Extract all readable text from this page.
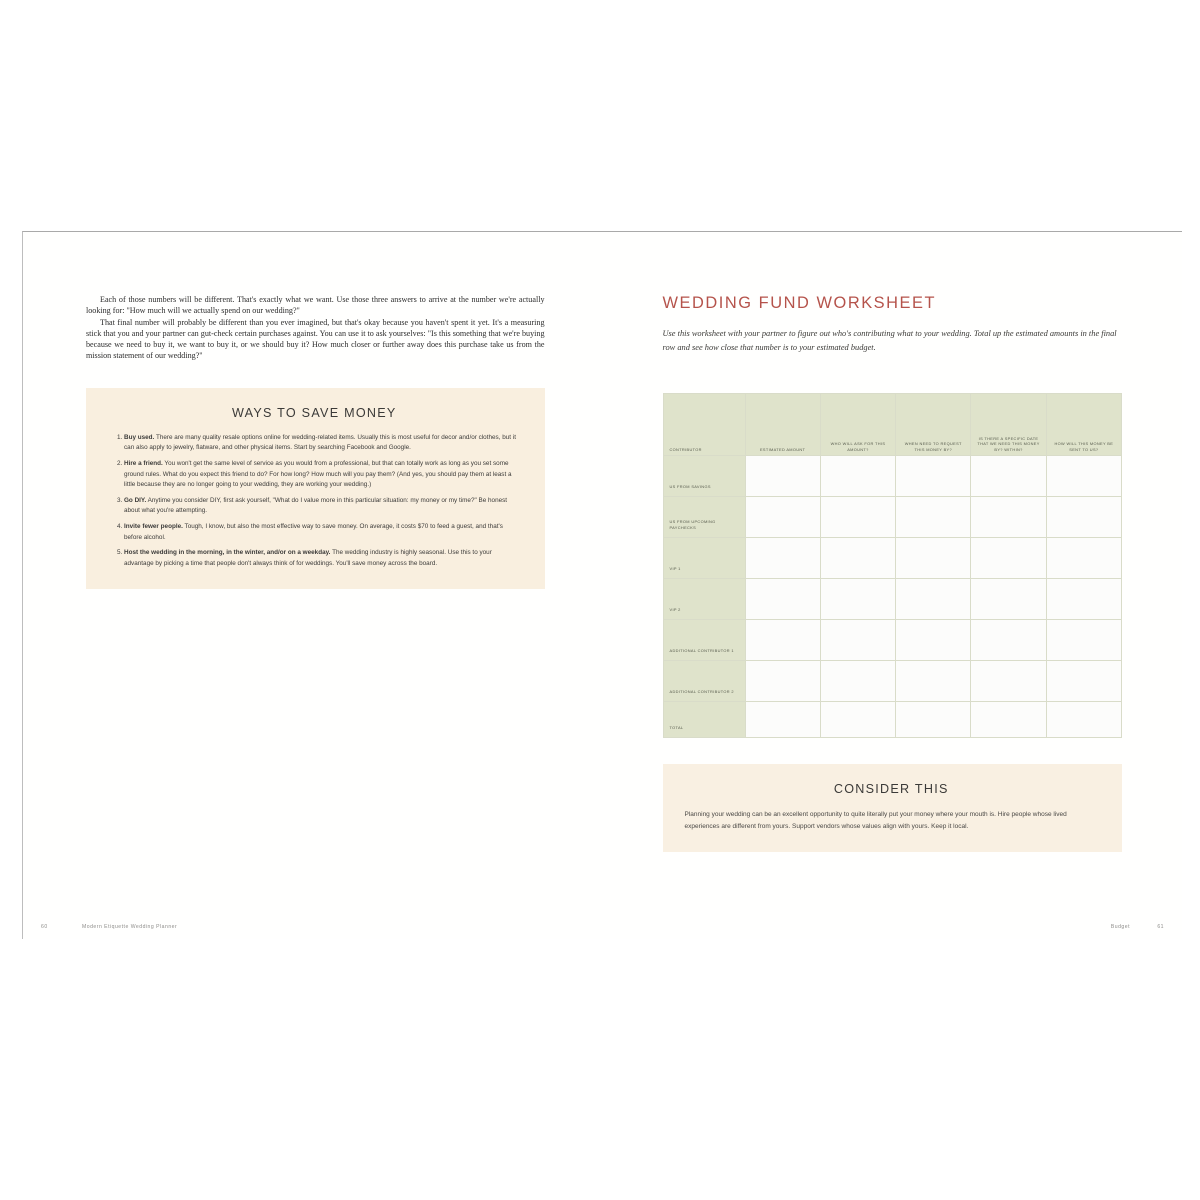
Each of those numbers will be different. That's exactly what we want. Use those three answers to arrive at the number we're actually looking for: "How much will we actually spend on our wedding?"

That final number will probably be different than you ever imagined, but that's okay because you haven't spent it yet. It's a measuring stick that you and your partner can gut-check certain purchases against. You can use it to ask yourselves: "Is this something that we're buying because we need to buy it, we want to buy it, or we should buy it? How much closer or further away does this purchase take us from the mission statement of our wedding?"

WAYS TO SAVE MONEY
1. Buy used. There are many quality resale options online for wedding-related items. Usually this is most useful for decor and/or clothes, but it can also apply to jewelry, flatware, and other physical items. Start by searching Facebook and Google.
2. Hire a friend. You won't get the same level of service as you would from a professional, but that can totally work as long as you set some ground rules. What do you expect this friend to do? For how long? How much will you pay them? (And yes, you should pay them at least a little because they are no longer going to your wedding, they are working your wedding.)
3. Go DIY. Anytime you consider DIY, first ask yourself, "What do I value more in this particular situation: my money or my time?" Be honest about what you're attempting.
4. Invite fewer people. Tough, I know, but also the most effective way to save money. On average, it costs $70 to feed a guest, and that's before alcohol.
5. Host the wedding in the morning, in the winter, and/or on a weekday. The wedding industry is highly seasonal. Use this to your advantage by picking a time that people don't always think of for weddings. You'll save money across the board.
60	Modern Etiquette Wedding Planner
WEDDING FUND WORKSHEET

Use this worksheet with your partner to figure out who's contributing what to your wedding. Total up the estimated amounts in the final row and see how close that number is to your estimated budget.

CONTRIBUTOR	ESTIMATED AMOUNT	WHO WILL ASK FOR THIS AMOUNT?	WHEN NEED TO REQUEST THIS MONEY BY?	IS THERE A SPECIFIC DATE THAT WE NEED THIS MONEY BY? WITHIN?	HOW WILL THIS MONEY BE SENT TO US?
US FROM SAVINGS					
US FROM UPCOMING PAYCHECKS					
VIP 1					
VIP 2					
ADDITIONAL CONTRIBUTOR 1					
ADDITIONAL CONTRIBUTOR 2					
TOTAL					
CONSIDER THIS

Planning your wedding can be an excellent opportunity to quite literally put your money where your mouth is. Hire people whose lived experiences are different from yours. Support vendors whose values align with yours. Keep it local.

Budget	61
